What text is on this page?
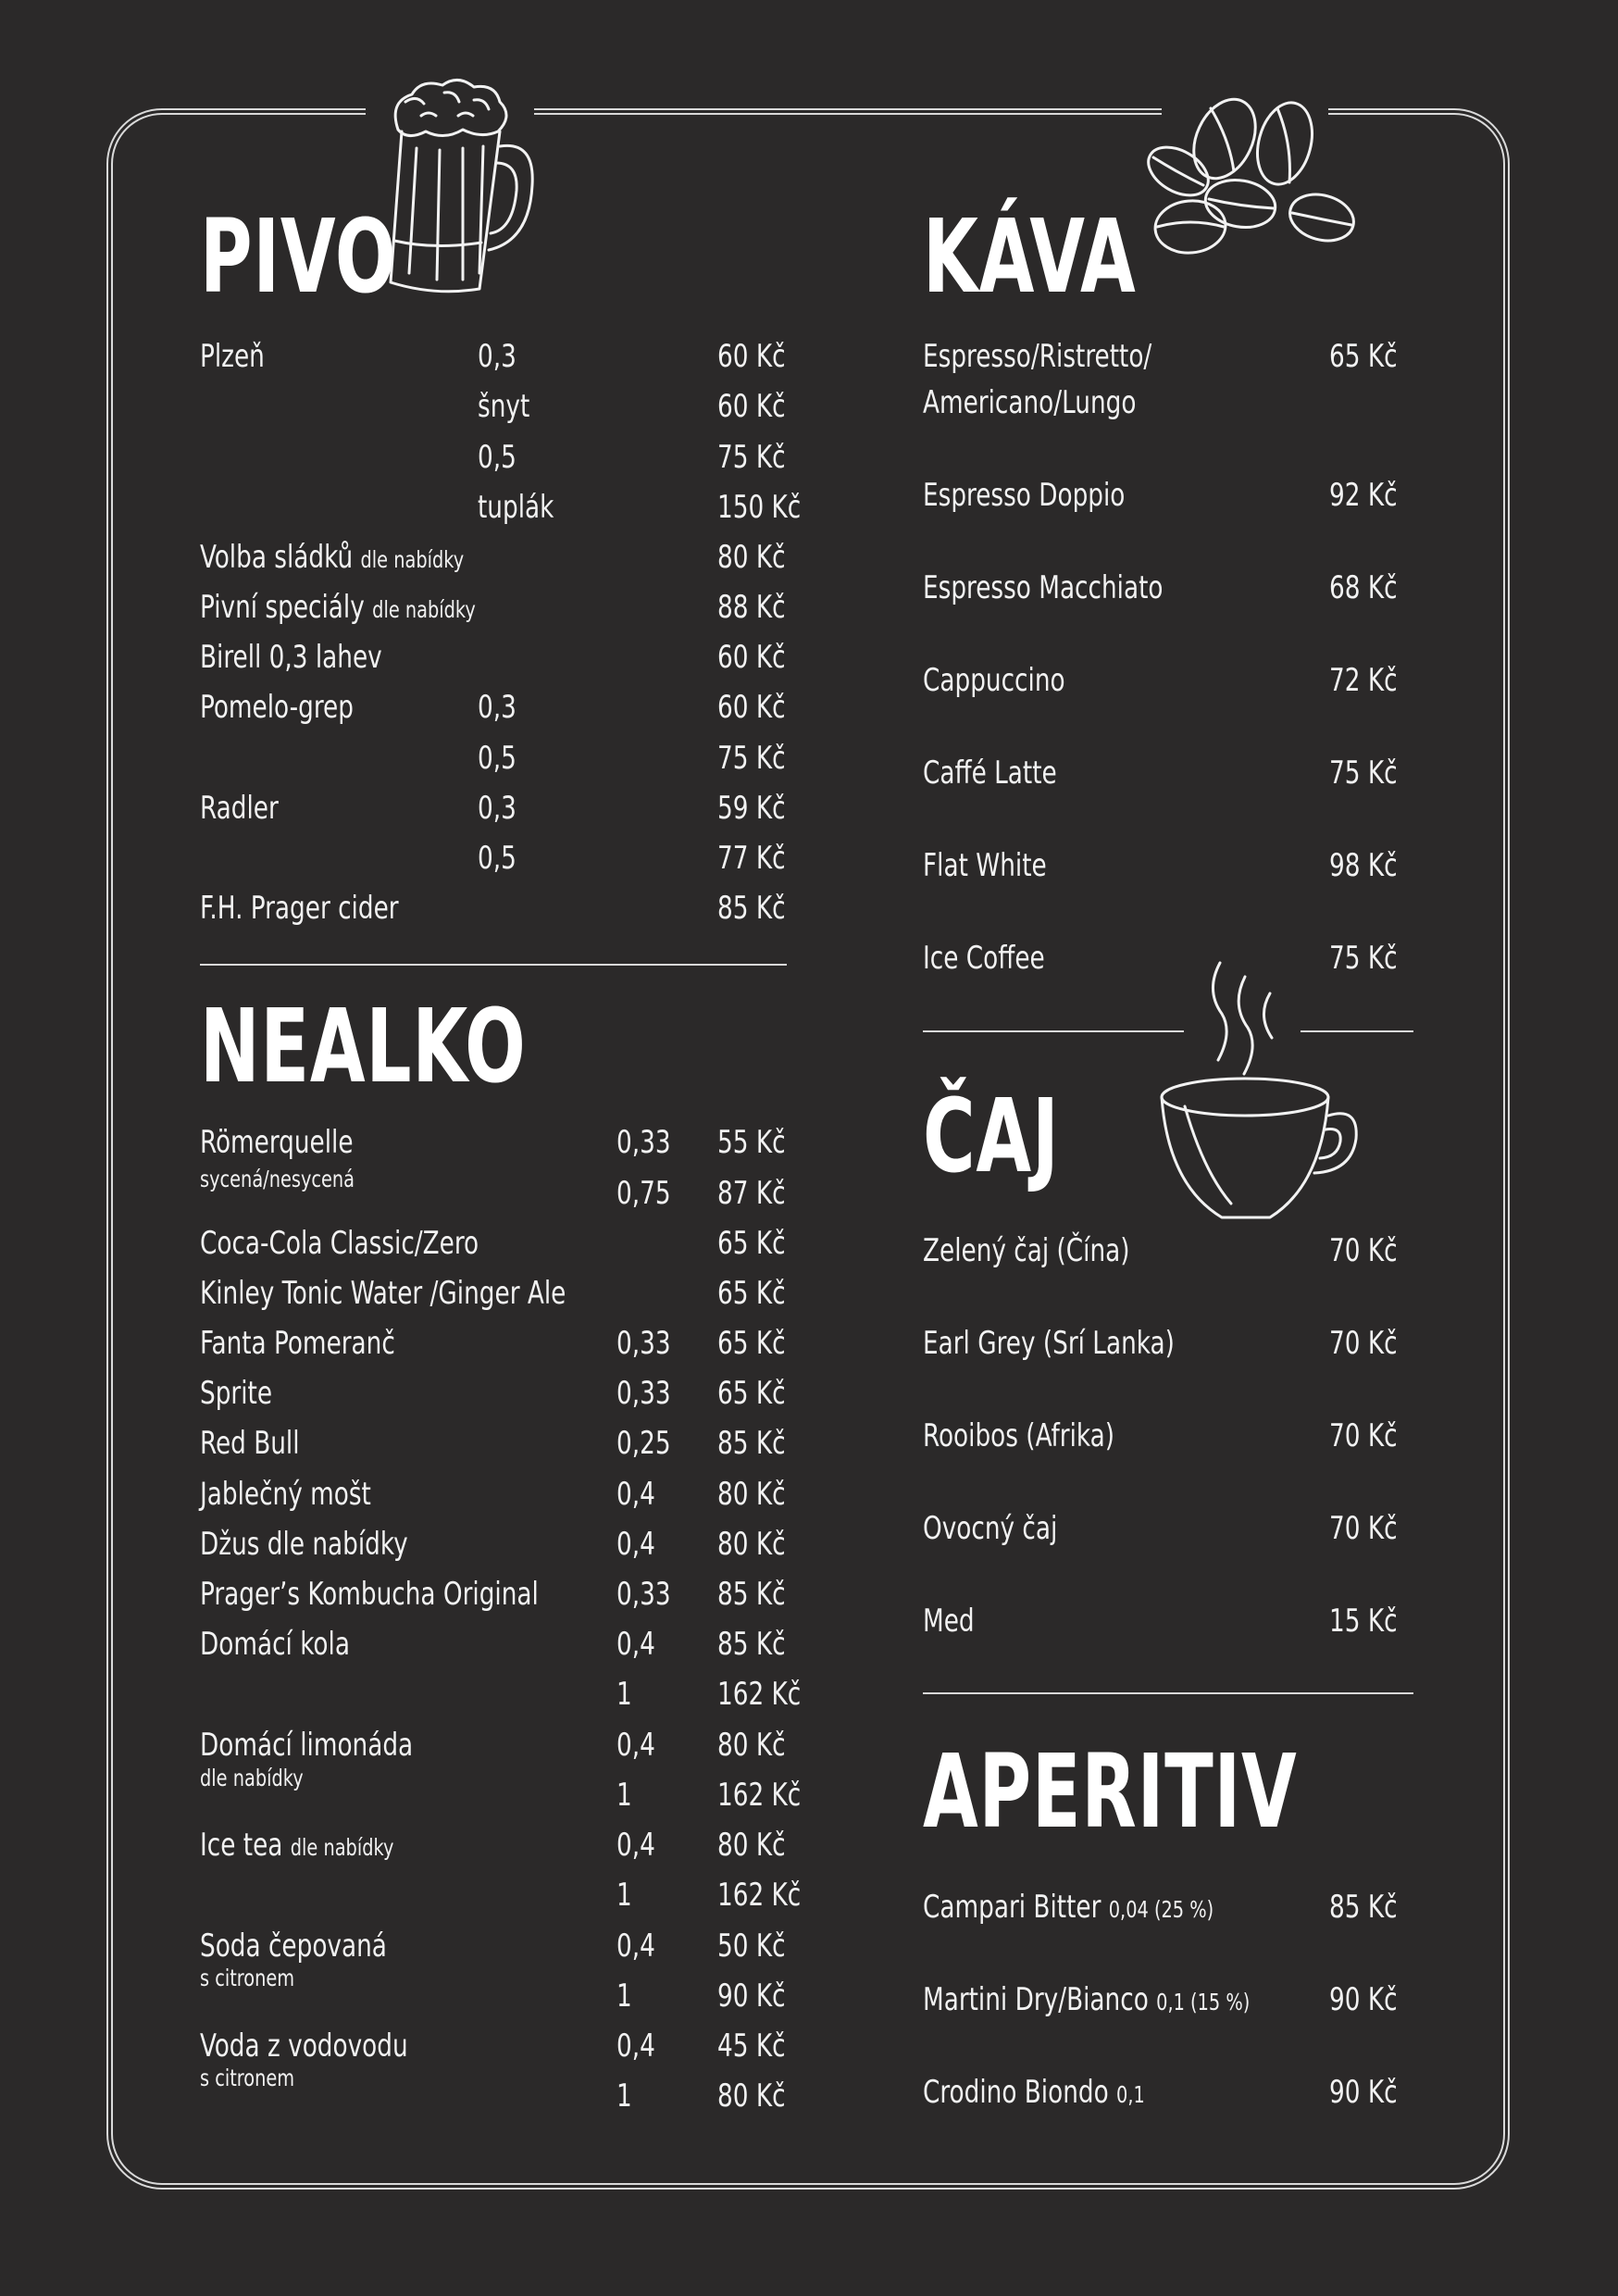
PIVO
Plzeň	0,3	60 Kč
šnyt	60 Kč
0,5	75 Kč
tuplák	150 Kč
Volba sládků dle nabídky	80 Kč
Pivní speciály dle nabídky	88 Kč
Birell 0,3 lahev	60 Kč
Pomelo-grep	0,3	60 Kč
0,5	75 Kč
Radler	0,3	59 Kč
0,5	77 Kč
F.H. Prager cider	85 Kč
NEALKO
Römerquelle
sycená/nesycená
0,33 55 Kč
0,75 87 Kč
Coca-Cola Classic/Zero	65 Kč
Kinley Tonic Water /Ginger Ale	65 Kč
Fanta Pomeranč	0,33 65 Kč
Sprite	0,33 65 Kč
Red Bull	0,25 85 Kč
Jablečný mošt	0,4 80 Kč
Džus dle nabídky	0,4 80 Kč
Prager’s Kombucha Original 0,33 85 Kč
Domácí kola	0,4 85 Kč
1	162 Kč
Domácí limonáda
dle nabídky
0,4 80 Kč
1	162 Kč
Ice tea dle nabídky	0,4 80 Kč
1	162 Kč
Soda čepovaná
s citronem
0,4 50 Kč
1	90 Kč
Voda z vodovodu
s citronem
0,4 45 Kč
1	80 Kč
KÁVA
Espresso/Ristretto/
Americano/Lungo
65 Kč
Espresso Doppio	92 Kč
Espresso Macchiato	68 Kč
Cappuccino	72 Kč
Caffé Latte	75 Kč
Flat White	98 Kč
Ice Coffee	75 Kč
ČAJ
Zelený čaj (Čína)	70 Kč
Earl Grey (Srí Lanka)	70 Kč
Rooibos (Afrika)	70 Kč
Ovocný čaj	70 Kč
Med	15 Kč
APERITIV
Campari Bitter 0,04 (25 %)	85 Kč
Martini Dry/Bianco 0,1 (15 %)	90 Kč
Crodino Biondo 0,1	90 Kč
